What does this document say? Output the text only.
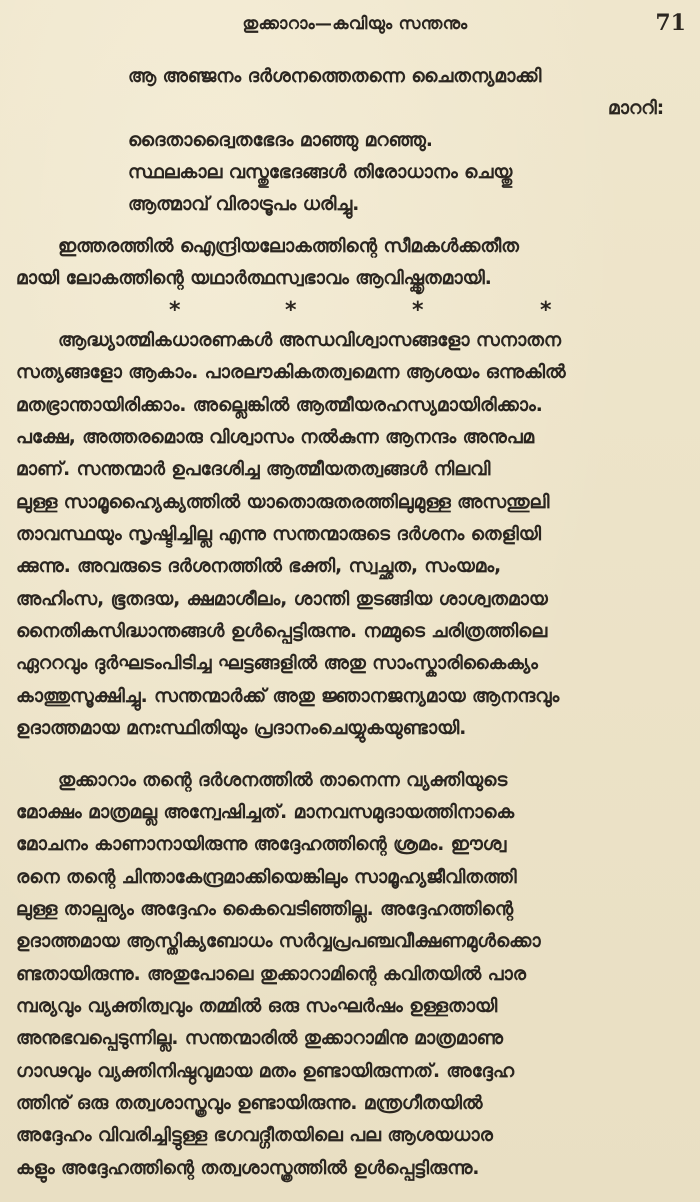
തുക്കാറാം—കവിയും സന്തനും	71
ആ അഞ്ജനം ദർശനത്തെതന്നെ ചൈതന്യമാക്കി
മാററി:
ദൈതാദ്വൈതഭേദം മാഞ്ഞു മറഞ്ഞു.
സ്ഥലകാല വസ്തുഭേദങ്ങൾ തിരോധാനം ചെയ്തു
ആത്മാവ് വിരാട്രൂപം ധരിച്ചു.
ഇത്തരത്തിൽ ഐന്ദ്രിയലോകത്തിന്റെ സീമകൾക്കതീത
മായി ലോകത്തിന്റെ യഥാർത്ഥസ്വഭാവം ആവിഷ്ക്കൃതമായി.
*	*	*	*
ആദ്ധ്യാത്മികധാരണകൾ അന്ധവിശ്വാസങ്ങളോ സനാതന
സത്യങ്ങളോ ആകാം. പാരലൗകികതത്വമെന്ന ആശയം ഒന്നുകിൽ
മതഭ്രാന്തായിരിക്കാം. അല്ലെങ്കിൽ ആത്മീയരഹസ്യമായിരിക്കാം.
പക്ഷേ, അത്തരമൊരു വിശ്വാസം നൽകുന്ന ആനന്ദം അനുപമ
മാണ്. സന്തന്മാർ ഉപദേശിച്ച ആത്മീയതത്വങ്ങൾ നിലവി
ലുള്ള സാമൂഹ്യൈക്യത്തിൽ യാതൊരുതരത്തിലുമുള്ള അസന്തുലി
താവസ്ഥയും സൃഷ്ടിച്ചില്ല എന്നു സന്തന്മാരുടെ ദർശനം തെളിയി
ക്കുന്നു. അവരുടെ ദർശനത്തിൽ ഭക്തി, സ്വച്ഛത, സംയമം,
അഹിംസ, ഭൂതദയ, ക്ഷമാശീലം, ശാന്തി തുടങ്ങിയ ശാശ്വതമായ
നൈതികസിദ്ധാന്തങ്ങൾ ഉൾപ്പെട്ടിരുന്നു. നമ്മുടെ ചരിത്രത്തിലെ
ഏററവും ദുർഘടംപിടിച്ച ഘട്ടങ്ങളിൽ അതു സാംസ്കാരികൈക്യം
കാത്തുസൂക്ഷിച്ചു. സന്തന്മാർക്ക് അതു ജ്ഞാനജന്യമായ ആനന്ദവും
ഉദാത്തമായ മനഃസ്ഥിതിയും പ്രദാനംചെയ്യുകയുണ്ടായി.
തുക്കാറാം തന്റെ ദർശനത്തിൽ താനെന്ന വ്യക്തിയുടെ
മോക്ഷം മാത്രമല്ല അന്വേഷിച്ചത്. മാനവസമുദായത്തിനാകെ
മോചനം കാണാനായിരുന്നു അദ്ദേഹത്തിന്റെ ശ്രമം. ഈശ്വ
രനെ തന്റെ ചിന്താകേന്ദ്രമാക്കിയെങ്കിലും സാമൂഹ്യജീവിതത്തി
ലുള്ള താല്പര്യം അദ്ദേഹം കൈവെടിഞ്ഞില്ല. അദ്ദേഹത്തിന്റെ
ഉദാത്തമായ ആസ്തിക്യബോധം സർവ്വപ്രപഞ്ചവീക്ഷണമുൾക്കൊ
ണ്ടതായിരുന്നു. അതുപോലെ തുക്കാറാമിന്റെ കവിതയിൽ പാര
മ്പര്യവും വ്യക്തിത്വവും തമ്മിൽ ഒരു സംഘർഷം ഉള്ളതായി
അനുഭവപ്പെടുന്നില്ല. സന്തന്മാരിൽ തുക്കാറാമിനു മാത്രമാണു
ഗാഢവും വ്യക്തിനിഷ്ഠവുമായ മതം ഉണ്ടായിരുന്നത്. അദ്ദേഹ
ത്തിനു് ഒരു തത്വശാസ്ത്രവും ഉണ്ടായിരുന്നു. മന്ത്രഗീതയിൽ
അദ്ദേഹം വിവരിച്ചിട്ടുള്ള ഭഗവദ്ഗീതയിലെ പല ആശയധാര
കളും അദ്ദേഹത്തിന്റെ തത്വശാസ്ത്രത്തിൽ ഉൾപ്പെട്ടിരുന്നു.
